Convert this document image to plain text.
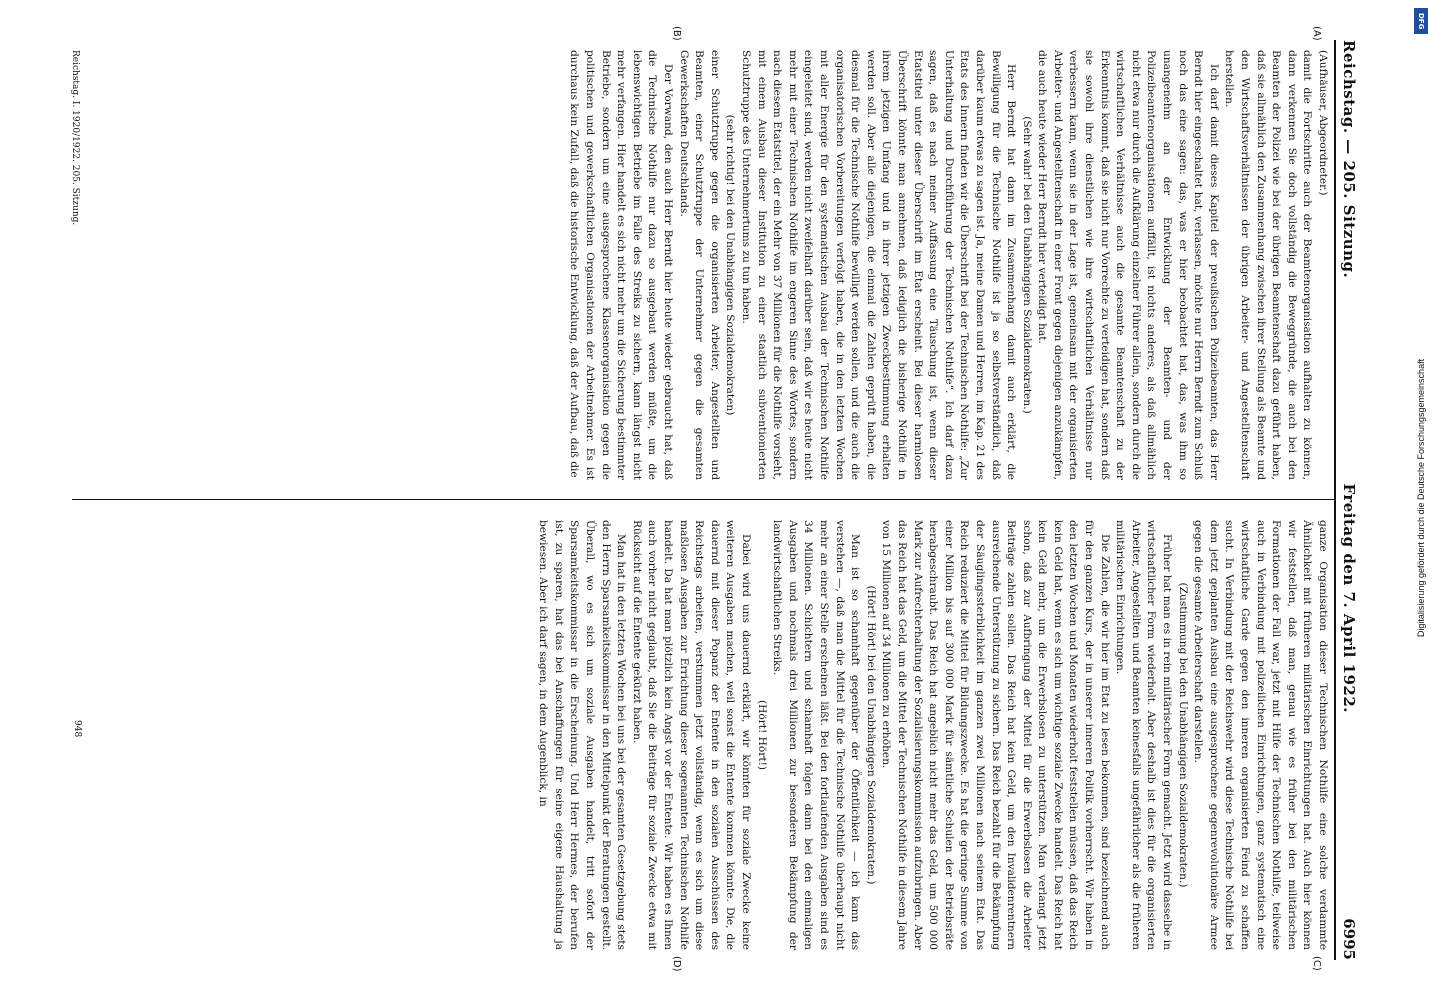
Reichstag. — 205. Sitzung.
Freitag den 7. April 1922.
6995
(A)
(B)
(C)
(D)

(Aufhäuser, Abgeordneter.)

damit die Fortschritte auch der Beamtenorganisation aufhalten zu können, dann verkennen Sie doch vollständig die Beweggründe, die auch bei den Beamten der Polizei wie bei der übrigen Beamtenschaft dazu geführt haben, daß sie allmählich den Zusammenhang zwischen ihrer Stellung als Beamte und den Wirtschaftsverhältnissen der übrigen Arbeiter- und Angestelltenschaft herstellen.

Ich darf damit dieses Kapitel der preußischen Polizeibeamten, das Herr Berndt hier eingeschaltet hat, verlassen, möchte nur Herrn Berndt zum Schluß noch das eine sagen: das, was er hier beobachtet hat, das, was ihm so unangenehm an der Entwicklung der Beamten- und der Polizeibeamtenorganisationen auffällt, ist nichts anderes, als daß allmählich nicht etwa nur durch die Aufklärung einzelner Führer allein, sondern durch die wirtschaftlichen Verhältnisse auch die gesamte Beamtenschaft zu der Erkenntnis kommt, daß sie nicht nur Vorrechte zu verteidigen hat, sondern daß sie sowohl ihre dienstlichen wie ihre wirtschaftlichen Verhältnisse nur verbessern kann, wenn sie in der Lage ist, gemeinsam mit der organisierten Arbeiter- und Angestelltenschaft in einer Front gegen diejenigen anzukämpfen, die auch heute wieder Herr Berndt hier verteidigt hat.

(Sehr wahr! bei den Unabhängigen Sozialdemokraten.)

Herr Berndt hat dann im Zusammenhang damit auch erklärt, die Bewilligung für die Technische Nothilfe ist ja so selbstverständlich, daß darüber kaum etwas zu sagen ist. Ja, meine Damen und Herren, im Kap. 21 des Etats des Innern finden wir die Überschrift bei der Technischen Nothilfe: „Zur Unterhaltung und Durchführung der Technischen Nothilfe“. Ich darf dazu sagen, daß es nach meiner Auffassung eine Täuschung ist, wenn dieser Etatstitel unter dieser Überschrift im Etat erscheint. Bei dieser harmlosen Überschrift könnte man annehmen, daß lediglich die bisherige Nothilfe in ihrem jetzigen Umfang und in ihrer jetzigen Zweckbestimmung erhalten werden soll. Aber alle diejenigen, die einmal die Zahlen geprüft haben, die diesmal für die Technische Nothilfe bewilligt werden sollen, und die auch die organisatorischen Vorbereitungen verfolgt haben, die in den letzten Wochen mit aller Energie für den systematischen Ausbau der Technischen Nothilfe eingeleitet sind, werden nicht zweifelhaft darüber sein, daß wir es heute nicht mehr mit einer Technischen Nothilfe im engeren Sinne des Wortes, sondern nach diesem Etatstitel, der ein Mehr von 37 Millionen für die Nothilfe vorsieht, mit einem Ausbau dieser Institution zu einer staatlich subventionierten Schutztruppe des Unternehmertums zu tun haben.

(sehr richtig! bei den Unabhängigen Sozialdemokraten)

einer Schutztruppe gegen die organisierten Arbeiter, Angestellten und Beamten, einer Schutztruppe der Unternehmer gegen die gesamten Gewerkschaften Deutschlands.

Der Vorwand, den auch Herr Berndt hier heute wieder gebraucht hat, daß die Technische Nothilfe nur dazu so ausgebaut werden müßte, um die lebenswichtigen Betriebe im Falle des Streiks zu sichern, kann längst nicht mehr verfangen. Hier handelt es sich nicht mehr um die Sicherung bestimmter Betriebe, sondern um eine ausgesprochene Klassenorganisation gegen die politischen und gewerkschaftlichen Organisationen der Arbeitnehmer. Es ist durchaus kein Zufall, daß die historische Entwicklung, daß der Aufbau, daß die

ganze Organisation dieser Technischen Nothilfe eine solche verdammte Ähnlichkeit mit früheren militärischen Einrichtungen hat. Auch hier können wir feststellen, daß man, genau wie es früher bei den militärischen Formationen der Fall war, jetzt mit Hilfe der Technischen Nothilfe, teilweise auch in Verbindung mit polizeilichen Einrichtungen, ganz systematisch eine wirtschaftliche Garde gegen den inneren organisierten Feind zu schaffen sucht. In Verbindung mit der Reichswehr wird diese Technische Nothilfe bei dem jetzt geplanten Ausbau eine ausgesprochene gegenrevolutionäre Armee gegen die gesamte Arbeiterschaft darstellen.

(Zustimmung bei den Unabhängigen Sozialdemokraten.)

Früher hat man es in rein militärischer Form gemacht. Jetzt wird dasselbe in wirtschaftlicher Form wiederholt. Aber deshalb ist dies für die organisierten Arbeiter, Angestellten und Beamten keinesfalls ungefährlicher als die früheren militärischen Einrichtungen.

Die Zahlen, die wir hier im Etat zu lesen bekommen, sind bezeichnend auch für den ganzen Kurs, der in unserer inneren Politik vorherrscht. Wir haben in den letzten Wochen und Monaten wiederholt feststellen müssen, daß das Reich kein Geld hat, wenn es sich um wichtige soziale Zwecke handelt. Das Reich hat kein Geld mehr, um die Erwerbslosen zu unterstützen. Man verlangt jetzt schon, daß zur Aufbringung der Mittel für die Erwerbslosen die Arbeiter Beiträge zahlen sollen. Das Reich hat kein Geld, um den Invalidenrentnern ausreichende Unterstützung zu sichern. Das Reich bezahlt für die Bekämpfung der Säuglingssterblichkeit im ganzen zwei Millionen nach seinem Etat. Das Reich reduziert die Mittel für Bildungszwecke. Es hat die geringe Summe von einer Million bis auf 300 000 Mark für sämtliche Schulen der Betriebsräte herabgeschraubt. Das Reich hat angeblich nicht mehr das Geld, um 500 000 Mark zur Aufrechterhaltung der Sozialisierungskommission aufzubringen. Aber das Reich hat das Geld, um die Mittel der Technischen Nothilfe in diesem Jahre von 15 Millionen auf 34 Millionen zu erhöhen.

(Hört! Hört! bei den Unabhängigen Sozialdemokraten.)

Man ist so schamhaft gegenüber der Öffentlichkeit — ich kann das verstehen —, daß man die Mittel für die Technische Nothilfe überhaupt nicht mehr an einer Stelle erscheinen läßt. Bei den fortlaufenden Ausgaben sind es 34 Millionen. Schichtern und schamhaft folgen dann bei den einmaligen Ausgaben und nochmals drei Millionen zur besonderen Bekämpfung der landwirtschaftlichen Streiks.

(Hört! Hört!)

Dabei wird uns dauernd erklärt, wir könnten für soziale Zwecke keine weiteren Ausgaben machen, weil sonst die Entente kommen könnte. Die, die dauernd mit dieser Popanz der Entente in den sozialen Ausschüssen des Reichstags arbeiten, verstummen jetzt vollständig, wenn es sich um diese maßlosen Ausgaben zur Errichtung dieser sogenannten Technischen Nothilfe handelt. Da hat man plötzlich kein Angst vor der Entente. Wir haben es Ihnen auch vorher nicht geglaubt, daß Sie die Beiträge für soziale Zwecke etwa mit Rücksicht auf die Entente gekürzt haben.

Man hat in den letzten Wochen bei uns bei der gesamten Gesetzgebung stets den Herrn Sparsamkeitskommissar in den Mittelpunkt der Beratungen gestellt. Überall, wo es sich um soziale Ausgaben handelt, tritt sofort der Sparsamkeitskommissar in die Erscheinung. Und Herr Hermes, der berufen ist, zu sparen, hat das bei Anschaffungen für seine eigene Haushaltung ja bewiesen. Aber ich darf sagen, in dem Augenblick, in

Reichstag. I. 1920/1922. 205. Sitzung.
948
DFG
Digitalisierung gefördert durch die Deutsche Forschungsgemeinschaft
